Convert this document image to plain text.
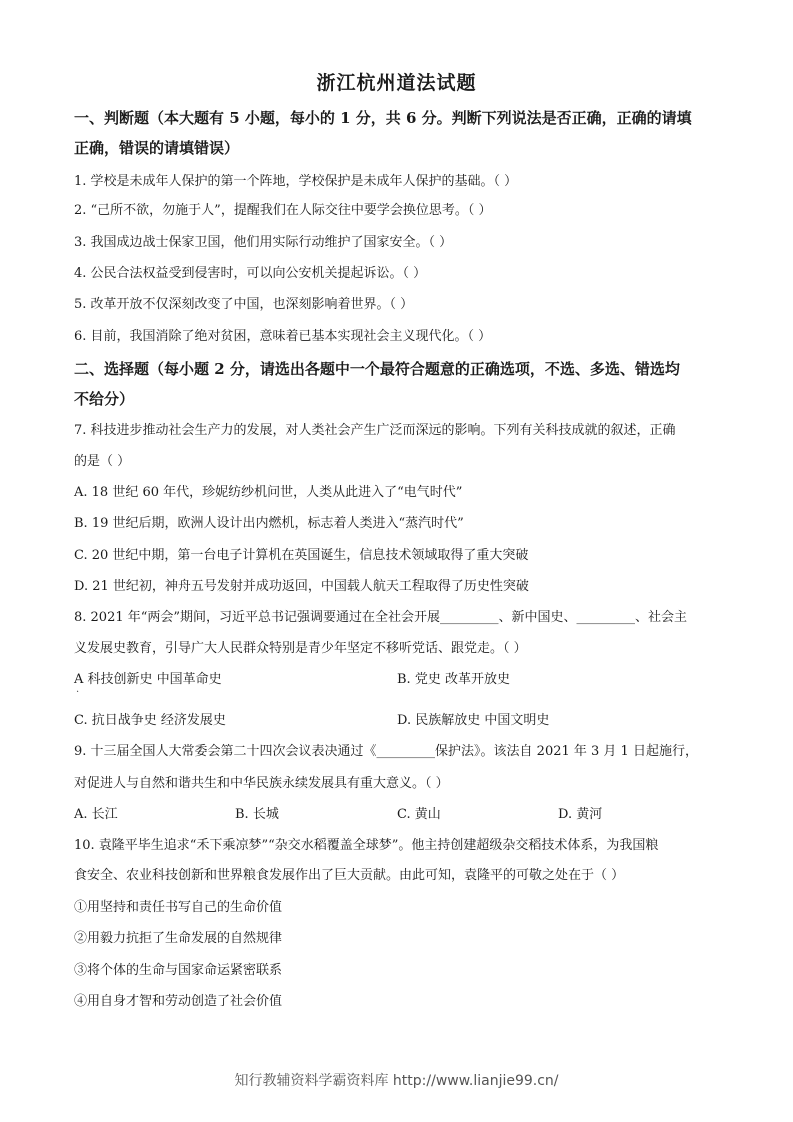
浙江杭州道法试题
一、判断题（本大题有 5 小题，每小的 1 分，共 6 分。判断下列说法是否正确，正确的请填
正确，错误的请填错误）
1. 学校是未成年人保护的第一个阵地，学校保护是未成年人保护的基础。（ ）
2. “己所不欲，勿施于人”，提醒我们在人际交往中要学会换位思考。（ ）
3. 我国成边战士保家卫国，他们用实际行动维护了国家安全。（ ）
4. 公民合法权益受到侵害时，可以向公安机关提起诉讼。（ ）
5. 改革开放不仅深刻改变了中国，也深刻影响着世界。（ ）
6. 目前，我国消除了绝对贫困，意味着已基本实现社会主义现代化。（ ）
二、选择题（每小题 2 分，请选出各题中一个最符合题意的正确选项，不选、多选、错选均
不给分）
7. 科技进步推动社会生产力的发展，对人类社会产生广泛而深远的影响。下列有关科技成就的叙述，正确
的是（ ）
A. 18 世纪 60 年代，珍妮纺纱机问世，人类从此进入了“电气时代”
B. 19 世纪后期，欧洲人设计出内燃机，标志着人类进入“蒸汽时代”
C. 20 世纪中期，第一台电子计算机在英国诞生，信息技术领域取得了重大突破
D. 21 世纪初，神舟五号发射并成功返回，中国载人航天工程取得了历史性突破
8. 2021 年“两会”期间，习近平总书记强调要通过在全社会开展_________、新中国史、_________、社会主
义发展史教育，引导广大人民群众特别是青少年坚定不移听党话、跟党走。（ ）
A 科技创新史 中国革命史
·
B. 党史 改革开放史
C. 抗日战争史 经济发展史	D. 民族解放史 中国文明史
9. 十三届全国人大常委会第二十四次会议表决通过《_________保护法》。该法自 2021 年 3 月 1 日起施行，
对促进人与自然和谐共生和中华民族永续发展具有重大意义。（ ）
A. 长江	B. 长城	C. 黄山	D. 黄河
10. 袁隆平毕生追求“禾下乘凉梦”“杂交水稻覆盖全球梦”。他主持创建超级杂交稻技术体系，为我国粮
食安全、农业科技创新和世界粮食发展作出了巨大贡献。由此可知，袁隆平的可敬之处在于（ ）
①用坚持和责任书写自己的生命价值
②用毅力抗拒了生命发展的自然规律
③将个体的生命与国家命运紧密联系
④用自身才智和劳动创造了社会价值
知行教辅资料学霸资料库 http://www.lianjie99.cn/
